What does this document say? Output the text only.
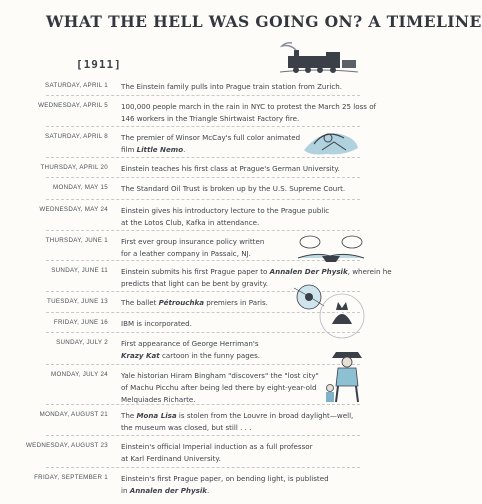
WHAT THE HELL WAS GOING ON? A TIMELINE
[1911]
SATURDAY, APRIL 1 The Einstein family pulls into Prague train station from Zurich.
WEDNESDAY, APRIL 5 100,000 people march in the rain in NYC to protest the March 25 loss of
146 workers in the Triangle Shirtwaist Factory fire.
SATURDAY, APRIL 8 The premier of Winsor McCay's full color animated
film Little Nemo.
THURSDAY, APRIL 20 Einstein teaches his first class at Prague's German University.
MONDAY, MAY 15 The Standard Oil Trust is broken up by the U.S. Supreme Court.
WEDNESDAY, MAY 24 Einstein gives his introductory lecture to the Prague public
at the Lotos Club, Kafka in attendance.
THURSDAY, JUNE 1 First ever group insurance policy written
for a leather company in Passaic, NJ.
SUNDAY, JUNE 11 Einstein submits his first Prague paper to Annalen Der Physik, wherein he
predicts that light can be bent by gravity.
TUESDAY, JUNE 13 The ballet Pétrouchka premiers in Paris.
FRIDAY, JUNE 16 IBM is incorporated.
SUNDAY, JULY 2 First appearance of George Herriman's
Krazy Kat cartoon in the funny pages.
MONDAY, JULY 24 Yale historian Hiram Bingham "discovers" the "lost city"
of Machu Picchu after being led there by eight-year-old
Melquiades Richarte.
MONDAY, AUGUST 21 The Mona Lisa is stolen from the Louvre in broad daylight—well,
the museum was closed, but still . . .
WEDNESDAY, AUGUST 23 Einstein's official Imperial induction as a full professor
at Karl Ferdinand University.
FRIDAY, SEPTEMBER 1 Einstein's first Prague paper, on bending light, is publisted
in Annalen der Physik.
